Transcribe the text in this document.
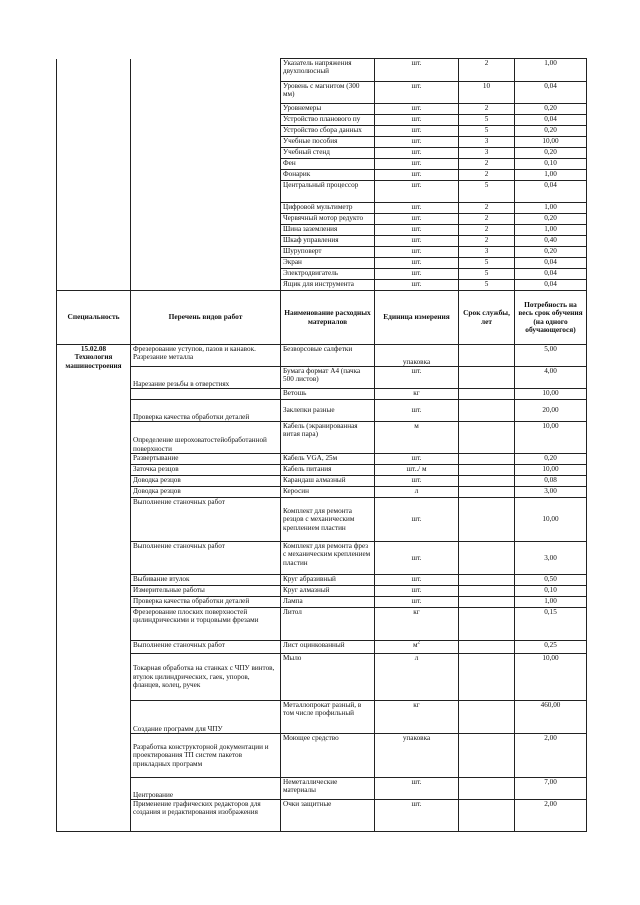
		Указатель напряжения двухполюсный	шт.	2	1,00
		Уровень с магнитом (300 мм)	шт.	10	0,04
		Уровнемеры	шт.	2	0,20
		Устройство планового пу	шт.	5	0,04
		Устройство сбора данных	шт.	5	0,20
		Учебные пособия	шт.	3	10,00
		Учебный стенд	шт.	3	0,20
		Фен	шт.	2	0,10
		Фонарик	шт.	2	1,00
		Центральный процессор	шт.	5	0,04
		Цифровой мультиметр	шт.	2	1,00
		Червячный мотор редукто	шт.	2	0,20
		Шина заземления	шт.	2	1,00
		Шкаф управления	шт.	2	0,40
		Шуруповерт	шт.	3	0,20
		Экран	шт.	5	0,04
		Электродвигатель	шт.	5	0,04
		Ящик для инструмента	шт.	5	0,04
Специальность	Перечень видов работ	Наименование расходных материалов	Единица измерения	Срок службы, лет	Потребность на весь срок обучения (на одного обучающегося)

15.02.08
Технология машиностроения	Фрезерование уступов, пазов и канавок. Разрезание металла	Безворсовые салфетки	упаковка		5,00
	Нарезание резьбы в отверстиях	Бумага формат А4 (пачка 500 листов)	шт.		4,00
		Ветошь	кг		10,00
	Проверка качества обработки деталей	Заклепки разные	шт.		20,00
	Определение шероховатостейобработанной поверхности	Кабель (экранированная витая пара)	м		10,00
	Развертывание	Кабель VGA, 25м	шт.		0,20
	Заточка резцов	Кабель питания	шт../ м		10,00
	Доводка резцов	Карандаш алмазный	шт.		0,08
	Доводка резцов	Керосин	л		3,00
	Выполнение станочных работ	Комплект для ремонта резцов с механическим креплением пластин	шт.		10,00
	Выполнение станочных работ	Комплект для ремонта фрез с механическим креплением пластин	шт.		3,00
	Выбивание втулок	Круг абразивный	шт.		0,50
	Измерительные работы	Круг алмазный	шт.		0,10
	Проверка качества обработки деталей	Лампа	шт.		1,00
	Фрезерование плоских поверхностей цилиндрическими и торцовыми фрезами	Литол	кг		0,15
	Выполнение станочных работ	Лист оцинкованный	$м^2$		0,25
	Токарная обработка на станках с ЧПУ винтов, втулок цилиндрических, гаек, упоров, фланцев, колец, ручек	Мыло	л		10,00
	Создание программ для ЧПУ	Металлопрокат разный, в том числе профильный	кг		460,00
	Разработка конструкторной документации и проектирования ТП систем пакетов прикладных программ	Моющее средство	упаковка		2,00
	Центрование	Неметаллические материалы	шт.		7,00
	Применение графических редакторов для создания и редактирования изображения	Очки защитные	шт.		2,00
